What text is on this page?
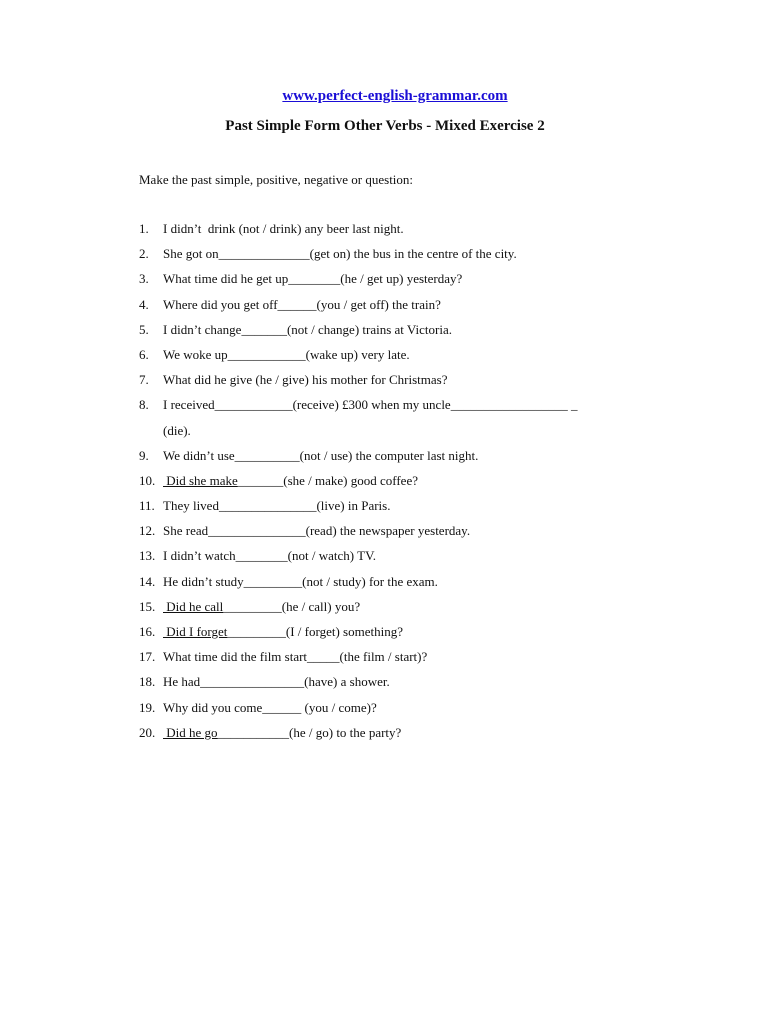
www.perfect-english-grammar.com
Past Simple Form Other Verbs - Mixed Exercise 2
Make the past simple, positive, negative or question:
1.	I didn’t  drink (not / drink) any beer last night.
2.	She got on______________(get on) the bus in the centre of the city.
3.	What time did he get up________(he / get up) yesterday?
4.	Where did you get off______(you / get off) the train?
5.	I didn’t change_______(not / change) trains at Victoria.
6.	We woke up____________(wake up) very late.
7.	What did he give (he / give) his mother for Christmas?
8.	I received____________(receive) £300 when my uncle__________________ _
(die).
9.	We didn’t use__________(not / use) the computer last night.
10. Did she make_______(she / make) good coffee?
11. They lived_______________(live) in Paris.
12. She read_______________(read) the newspaper yesterday.
13. I didn’t watch________(not / watch) TV.
14. He didn’t study_________(not / study) for the exam.
15. Did he call_________(he / call) you?
16. Did I forget_________(I / forget) something?
17. What time did the film start_____(the film / start)?
18. He had________________(have) a shower.
19. Why did you come______ (you / come)?
20. Did he go___________(he / go) to the party?
